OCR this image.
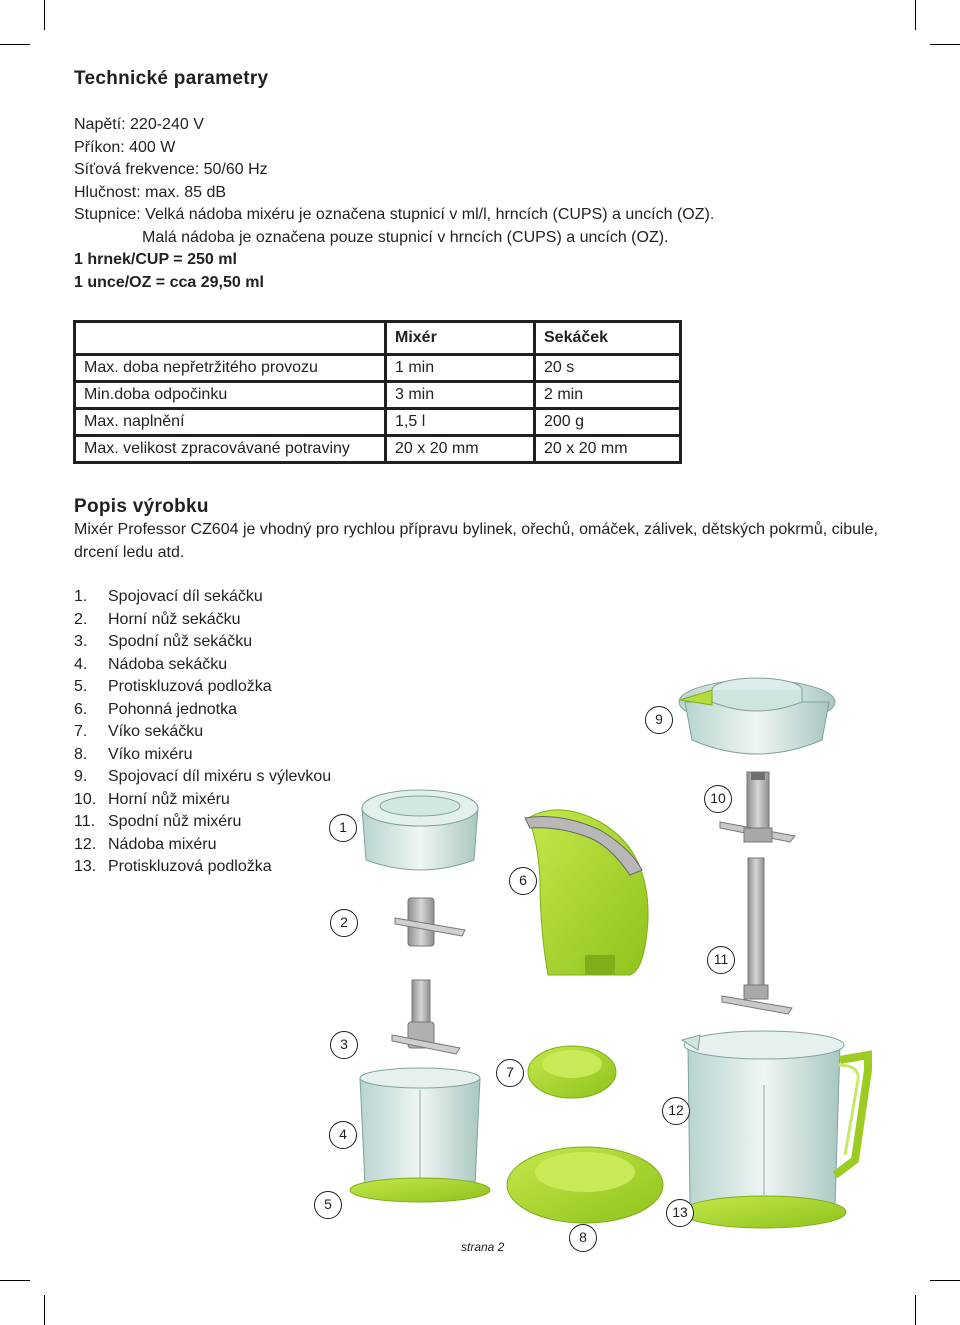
Technické parametry
Napětí: 220-240 V
Příkon: 400 W
Síťová frekvence: 50/60 Hz
Hlučnost: max. 85 dB
Stupnice: Velká nádoba mixéru je označena stupnicí v ml/l, hrncích (CUPS) a uncích (OZ).
Malá nádoba je označena pouze stupnicí v hrncích (CUPS) a uncích (OZ).
1 hrnek/CUP = 250 ml
1 unce/OZ = cca 29,50 ml
	Mixér	Sekáček
Max. doba nepřetržitého provozu	1 min	20 s
Min.doba odpočinku	3 min	2 min
Max. naplnění	1,5 l	200 g
Max. velikost zpracovávané potraviny	20 x 20 mm	20 x 20 mm
Popis výrobku
Mixér Professor CZ604 je vhodný pro rychlou přípravu bylinek, ořechů, omáček, zálivek, dětských pokrmů, cibule, drcení ledu atd.
1. Spojovací díl sekáčku
2. Horní nůž sekáčku
3. Spodní nůž sekáčku
4. Nádoba sekáčku
5. Protiskluzová podložka
6. Pohonná jednotka
7. Víko sekáčku
8. Víko mixéru
9. Spojovací díl mixéru s výlevkou
10. Horní nůž mixéru
11. Spodní nůž mixéru
12. Nádoba mixéru
13. Protiskluzová podložka
1
2
3
4
5
6
7
8
9
10
11
12
13
strana 2
